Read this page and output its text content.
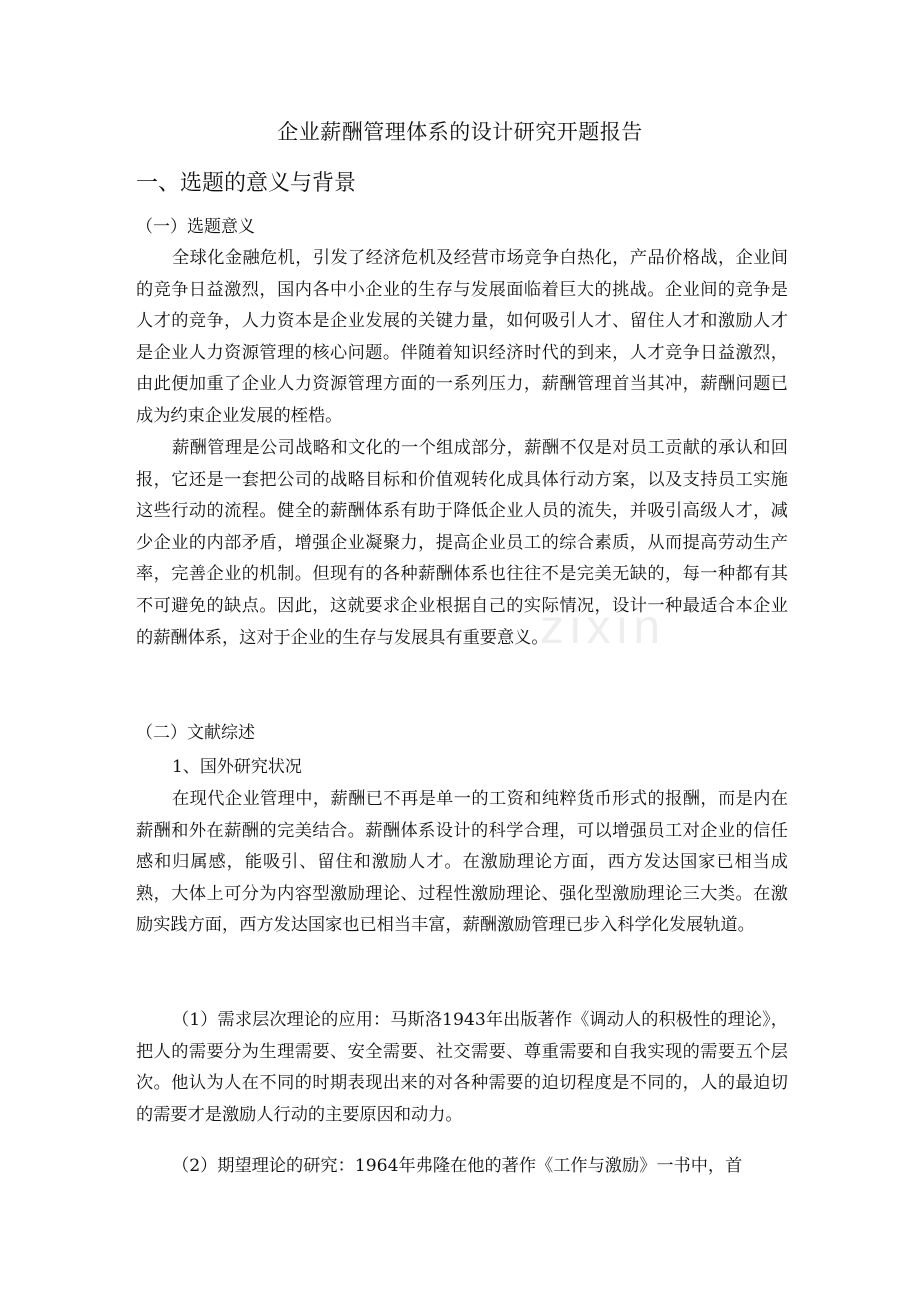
zixin
企业薪酬管理体系的设计研究开题报告
一、选题的意义与背景
（一）选题意义

全球化金融危机，引发了经济危机及经营市场竞争白热化，产品价格战，企业间的竞争日益激烈，国内各中小企业的生存与发展面临着巨大的挑战。企业间的竞争是人才的竞争，人力资本是企业发展的关键力量，如何吸引人才、留住人才和激励人才是企业人力资源管理的核心问题。伴随着知识经济时代的到来，人才竞争日益激烈，由此便加重了企业人力资源管理方面的一系列压力，薪酬管理首当其冲，薪酬问题已成为约束企业发展的桎梏。

薪酬管理是公司战略和文化的一个组成部分，薪酬不仅是对员工贡献的承认和回报，它还是一套把公司的战略目标和价值观转化成具体行动方案，以及支持员工实施这些行动的流程。健全的薪酬体系有助于降低企业人员的流失，并吸引高级人才，减少企业的内部矛盾，增强企业凝聚力，提高企业员工的综合素质，从而提高劳动生产率，完善企业的机制。但现有的各种薪酬体系也往往不是完美无缺的，每一种都有其不可避免的缺点。因此，这就要求企业根据自己的实际情况，设计一种最适合本企业的薪酬体系，这对于企业的生存与发展具有重要意义。

（二）文献综述
1、国外研究状况

在现代企业管理中，薪酬已不再是单一的工资和纯粹货币形式的报酬，而是内在薪酬和外在薪酬的完美结合。薪酬体系设计的科学合理，可以增强员工对企业的信任感和归属感，能吸引、留住和激励人才。在激励理论方面，西方发达国家已相当成熟，大体上可分为内容型激励理论、过程性激励理论、强化型激励理论三大类。在激励实践方面，西方发达国家也已相当丰富，薪酬激励管理已步入科学化发展轨道。

（1）需求层次理论的应用：马斯洛1943年出版著作《调动人的积极性的理论》，把人的需要分为生理需要、安全需要、社交需要、尊重需要和自我实现的需要五个层次。他认为人在不同的时期表现出来的对各种需要的迫切程度是不同的，人的最迫切的需要才是激励人行动的主要原因和动力。

（2）期望理论的研究：1964年弗隆在他的著作《工作与激励》一书中，首
